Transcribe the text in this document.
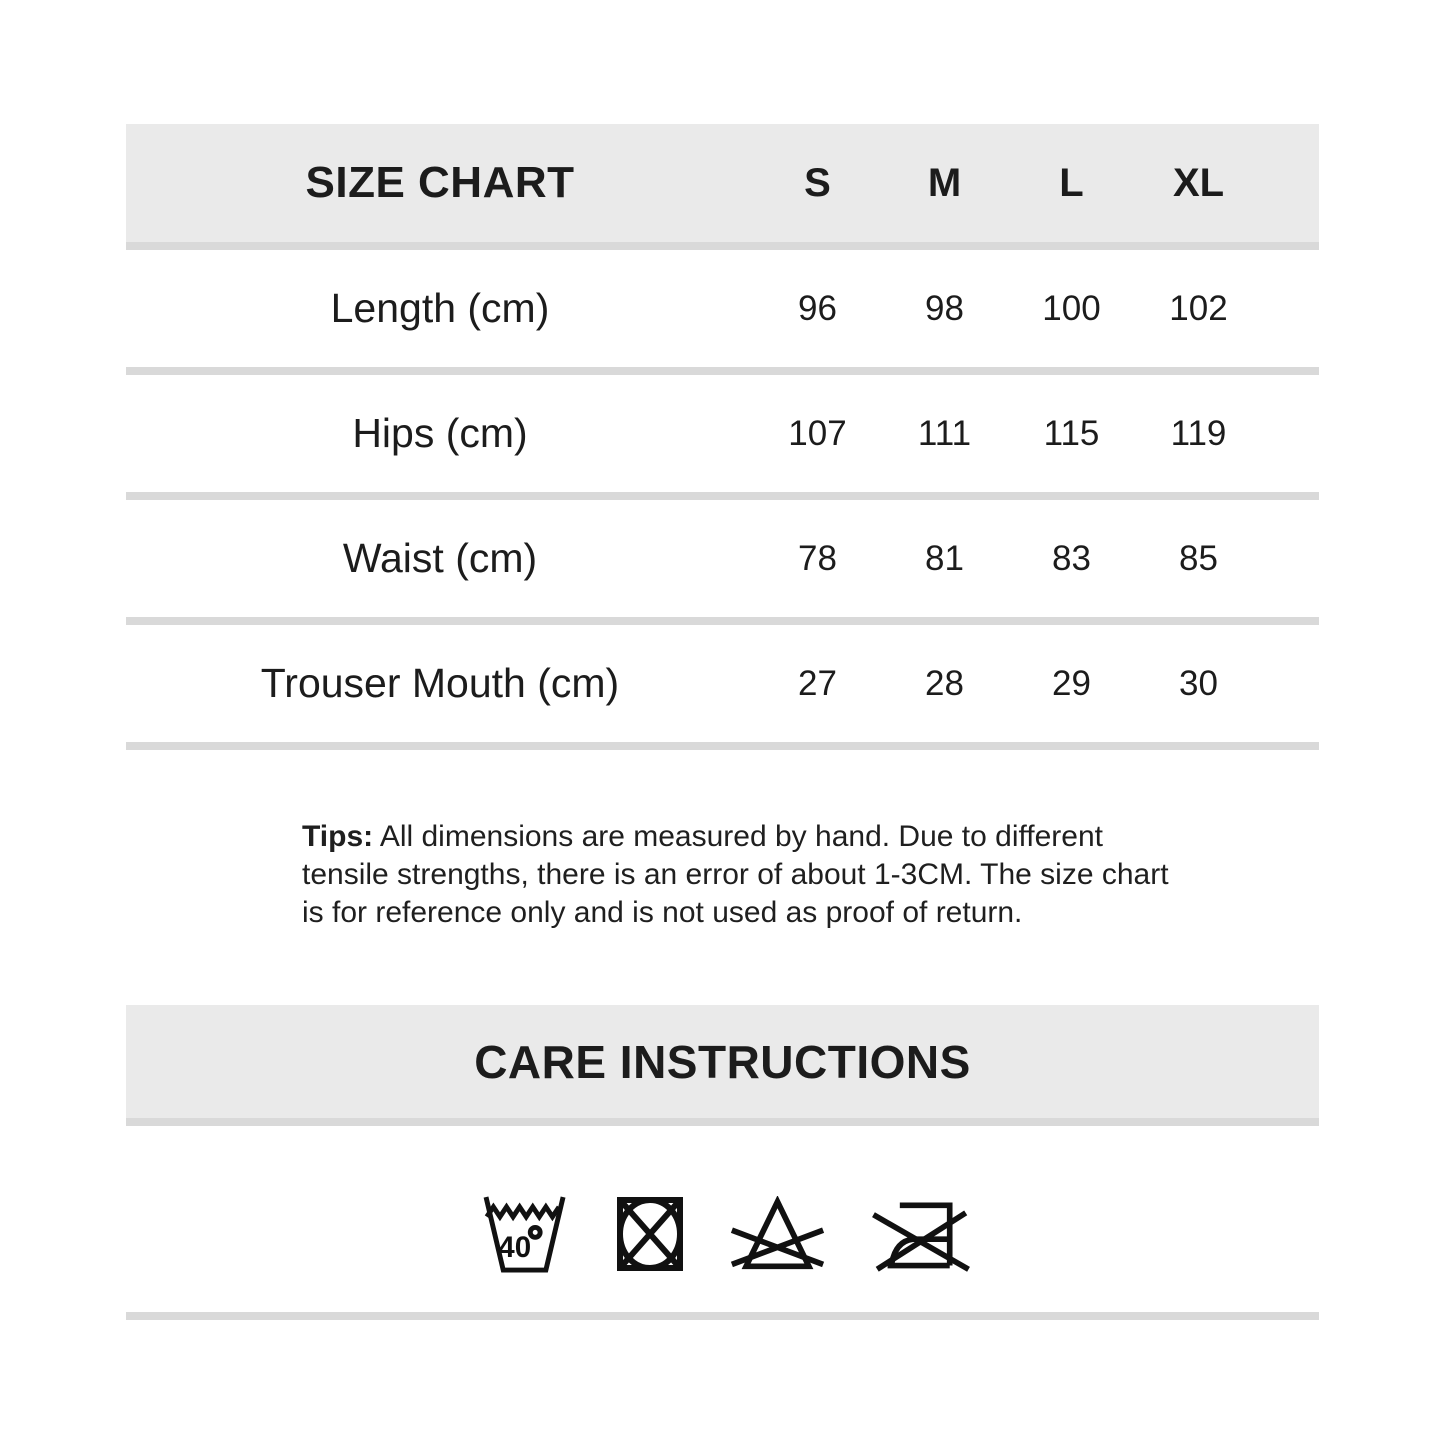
SIZE CHART	S	M	L	XL
Length (cm)	96	98	100	102
Hips (cm)	107	111	115	119
Waist (cm)	78	81	83	85
Trouser Mouth (cm)	27	28	29	30
Tips: All dimensions are measured by hand. Due to different tensile strengths, there is an error of about 1-3CM. The size chart is for reference only and is not used as proof of return.
CARE INSTRUCTIONS
40
